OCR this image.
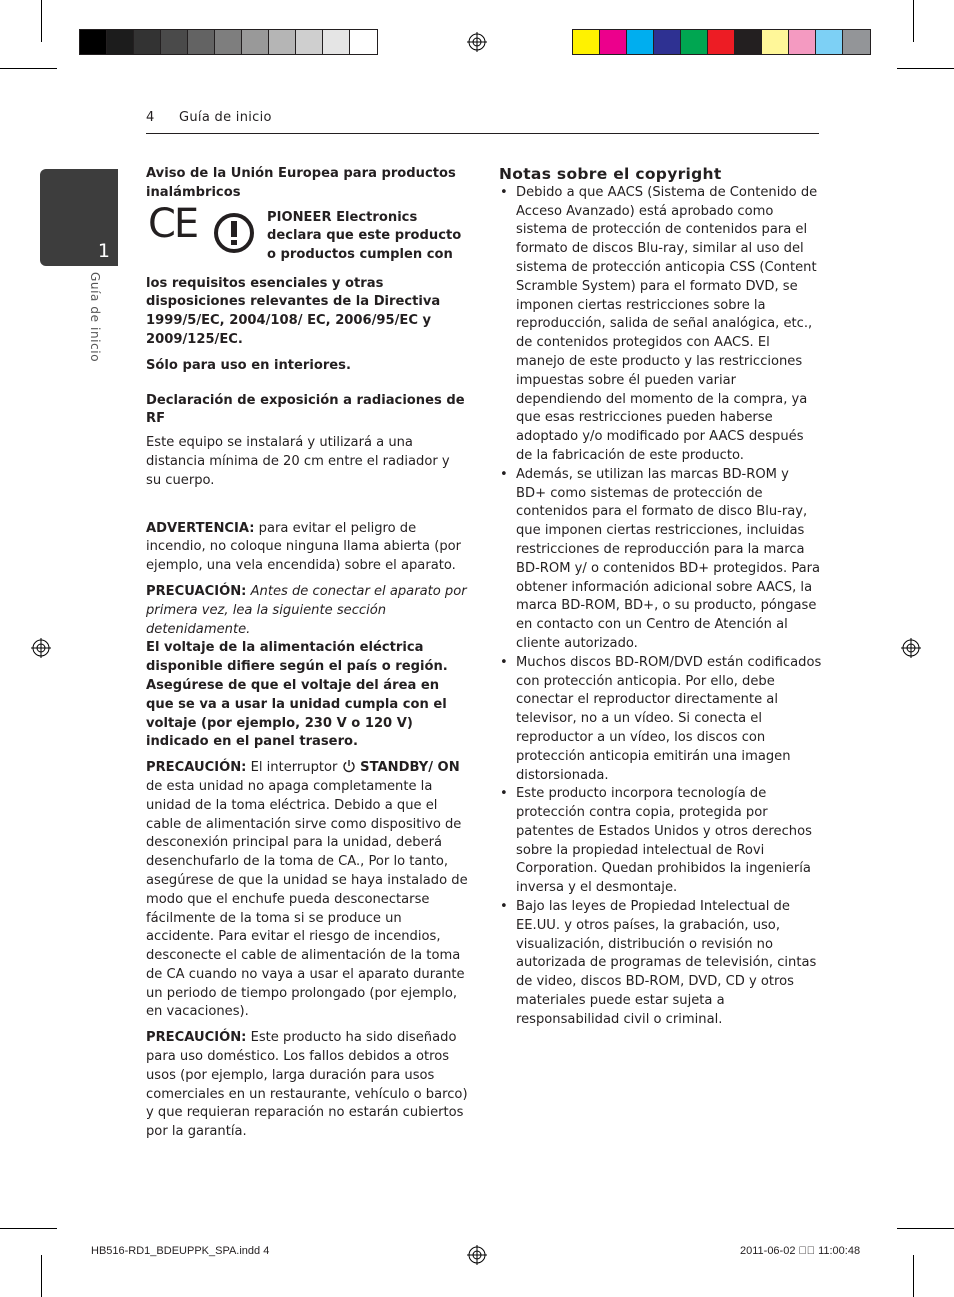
4 Guía de inicio
1
Guía de inicio

Aviso de la Unión Europea para productos inalámbricos

CE	PIONEER Electronics declara que este producto o productos cumplen con

los requisitos esenciales y otras disposiciones relevantes de la Directiva 1999/5/EC, 2004/108/ EC, 2006/95/EC y 2009/125/EC.

Sólo para uso en interiores.

Declaración de exposición a radiaciones de RF

Este equipo se instalará y utilizará a una distancia mínima de 20 cm entre el radiador y su cuerpo.

ADVERTENCIA: para evitar el peligro de incendio, no coloque ninguna llama abierta (por ejemplo, una vela encendida) sobre el aparato.

PRECUACIÓN: Antes de conectar el aparato por primera vez, lea la siguiente sección detenidamente.

El voltaje de la alimentación eléctrica disponible difiere según el país o región. Asegúrese de que el voltaje del área en que se va a usar la unidad cumpla con el voltaje (por ejemplo, 230 V o 120 V) indicado en el panel trasero.

PRECAUCIÓN: El interruptor  STANDBY/ ON de esta unidad no apaga completamente la unidad de la toma eléctrica. Debido a que el cable de alimentación sirve como dispositivo de desconexión principal para la unidad, deberá desenchufarlo de la toma de CA., Por lo tanto, asegúrese de que la unidad se haya instalado de modo que el enchufe pueda desconectarse fácilmente de la toma si se produce un accidente. Para evitar el riesgo de incendios, desconecte el cable de alimentación de la toma de CA cuando no vaya a usar el aparato durante un periodo de tiempo prolongado (por ejemplo, en vacaciones).

PRECAUCIÓN: Este producto ha sido diseñado para uso doméstico. Los fallos debidos a otros usos (por ejemplo, larga duración para usos comerciales en un restaurante, vehículo o barco) y que requieran reparación no estarán cubiertos por la garantía.

Notas sobre el copyright

• Debido a que AACS (Sistema de Contenido de Acceso Avanzado) está aprobado como sistema de protección de contenidos para el formato de discos Blu-ray, similar al uso del sistema de protección anticopia CSS (Content Scramble System) para el formato DVD, se imponen ciertas restricciones sobre la reproducción, salida de señal analógica, etc., de contenidos protegidos con AACS. El manejo de este producto y las restricciones impuestas sobre él pueden variar dependiendo del momento de la compra, ya que esas restricciones pueden haberse adoptado y/o modificado por AACS después de la fabricación de este producto.

• Además, se utilizan las marcas BD-ROM y BD+ como sistemas de protección de contenidos para el formato de disco Blu-ray, que imponen ciertas restricciones, incluidas restricciones de reproducción para la marca BD-ROM y/ o contenidos BD+ protegidos. Para obtener información adicional sobre AACS, la marca BD-ROM, BD+, o su producto, póngase en contacto con un Centro de Atención al cliente autorizado.

• Muchos discos BD-ROM/DVD están codificados con protección anticopia. Por ello, debe conectar el reproductor directamente al televisor, no a un vídeo. Si conecta el reproductor a un vídeo, los discos con protección anticopia emitirán una imagen distorsionada.

• Este producto incorpora tecnología de protección contra copia, protegida por patentes de Estados Unidos y otros derechos sobre la propiedad intelectual de Rovi Corporation. Quedan prohibidos la ingeniería inversa y el desmontaje.

• Bajo las leyes de Propiedad Intelectual de EE.UU. y otros países, la grabación, uso, visualización, distribución o revisión no autorizada de programas de televisión, cintas de video, discos BD-ROM, DVD, CD y otros materiales puede estar sujeta a responsabilidad civil o criminal.

HB516-RD1_BDEUPPK_SPA.indd 4	2011-06-02 ￿￿ 11:00:48
